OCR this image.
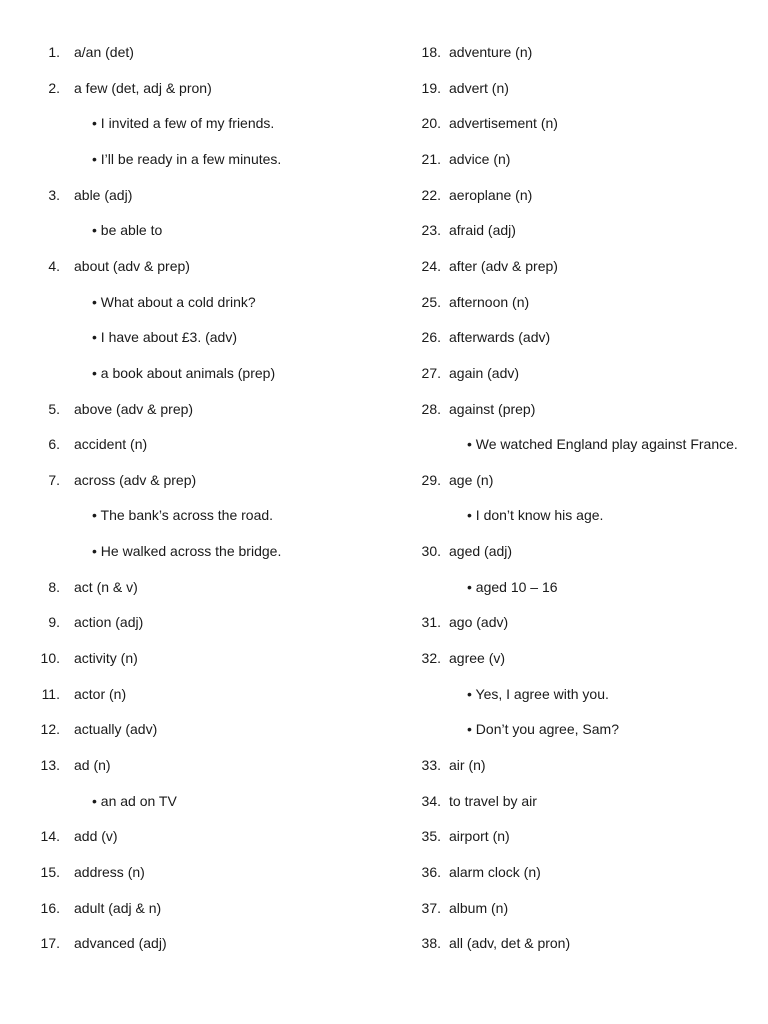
1. a/an (det)
2. a few (det, adj & pron)
• I invited a few of my friends.
• I’ll be ready in a few minutes.
3. able (adj)
• be able to
4. about (adv & prep)
• What about a cold drink?
• I have about £3. (adv)
• a book about animals (prep)
5. above (adv & prep)
6. accident (n)
7. across (adv & prep)
• The bank’s across the road.
• He walked across the bridge.
8. act (n & v)
9. action (adj)
10. activity (n)
11. actor (n)
12. actually (adv)
13. ad (n)
• an ad on TV
14. add (v)
15. address (n)
16. adult (adj & n)
17. advanced (adj)
18. adventure (n)
19. advert (n)
20. advertisement (n)
21. advice (n)
22. aeroplane (n)
23. afraid (adj)
24. after (adv & prep)
25. afternoon (n)
26. afterwards (adv)
27. again (adv)
28. against (prep)
• We watched England play against France.
29. age (n)
• I don’t know his age.
30. aged (adj)
• aged 10 – 16
31. ago (adv)
32. agree (v)
• Yes, I agree with you.
• Don’t you agree, Sam?
33. air (n)
34. to travel by air
35. airport (n)
36. alarm clock (n)
37. album (n)
38. all (adv, det & pron)
